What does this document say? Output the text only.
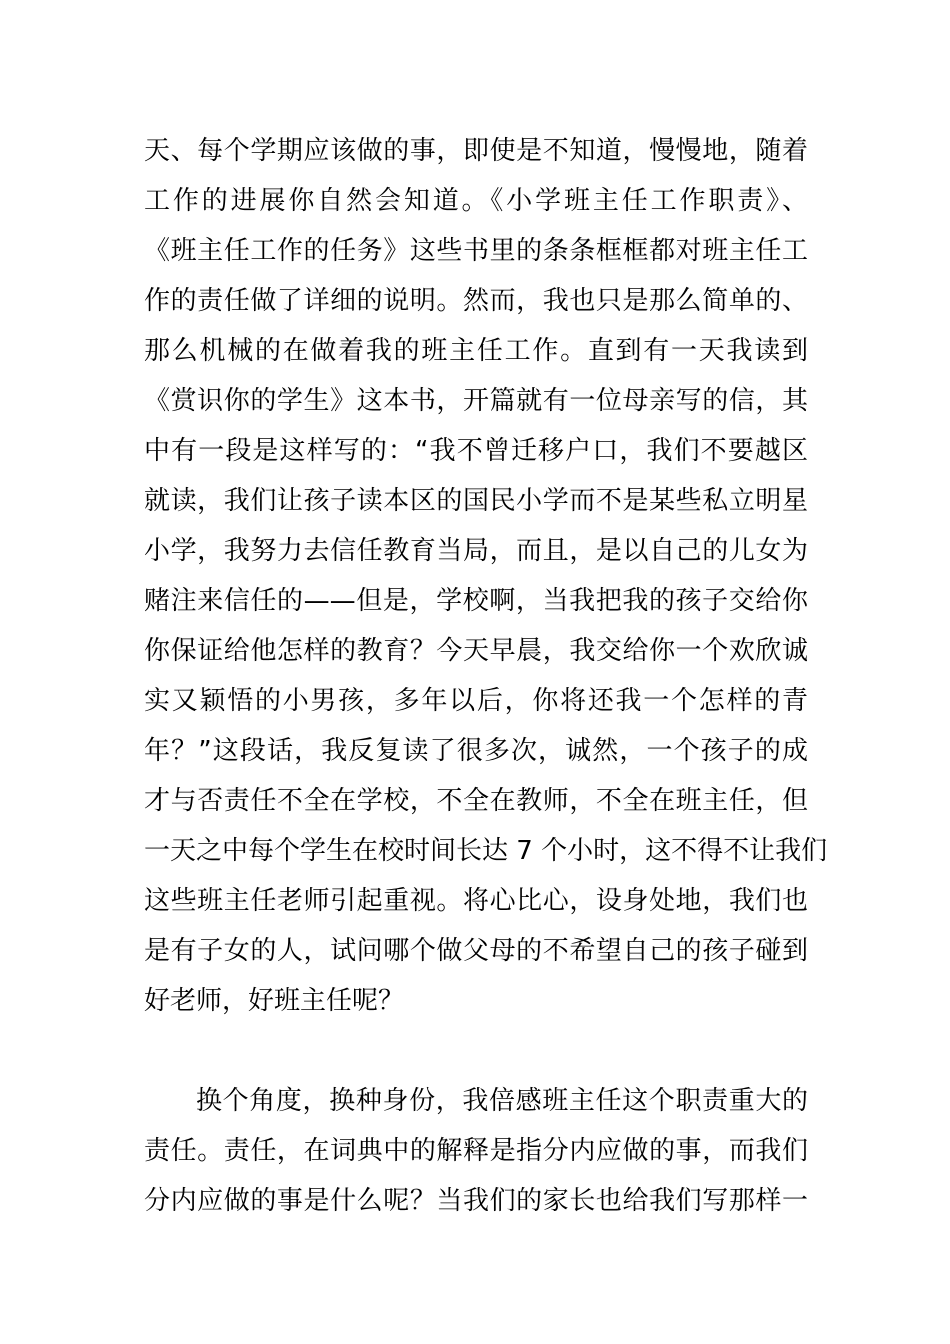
天、每个学期应该做的事，即使是不知道，慢慢地，随着
工作的进展你自然会知道。《小学班主任工作职责》、
《班主任工作的任务》这些书里的条条框框都对班主任工
作的责任做了详细的说明。然而，我也只是那么简单的、
那么机械的在做着我的班主任工作。直到有一天我读到
《赏识你的学生》这本书，开篇就有一位母亲写的信，其
中有一段是这样写的：“我不曾迁移户口，我们不要越区
就读，我们让孩子读本区的国民小学而不是某些私立明星
小学，我努力去信任教育当局，而且，是以自己的儿女为
赌注来信任的——但是，学校啊，当我把我的孩子交给你
你保证给他怎样的教育？今天早晨，我交给你一个欢欣诚
实又颖悟的小男孩，多年以后，你将还我一个怎样的青
年？”这段话，我反复读了很多次，诚然，一个孩子的成
才与否责任不全在学校，不全在教师，不全在班主任，但
一天之中每个学生在校时间长达 7 个小时，这不得不让我们
这些班主任老师引起重视。将心比心，设身处地，我们也
是有子女的人，试问哪个做父母的不希望自己的孩子碰到
好老师，好班主任呢？
换个角度，换种身份，我倍感班主任这个职责重大的
责任。责任，在词典中的解释是指分内应做的事，而我们
分内应做的事是什么呢？当我们的家长也给我们写那样一
